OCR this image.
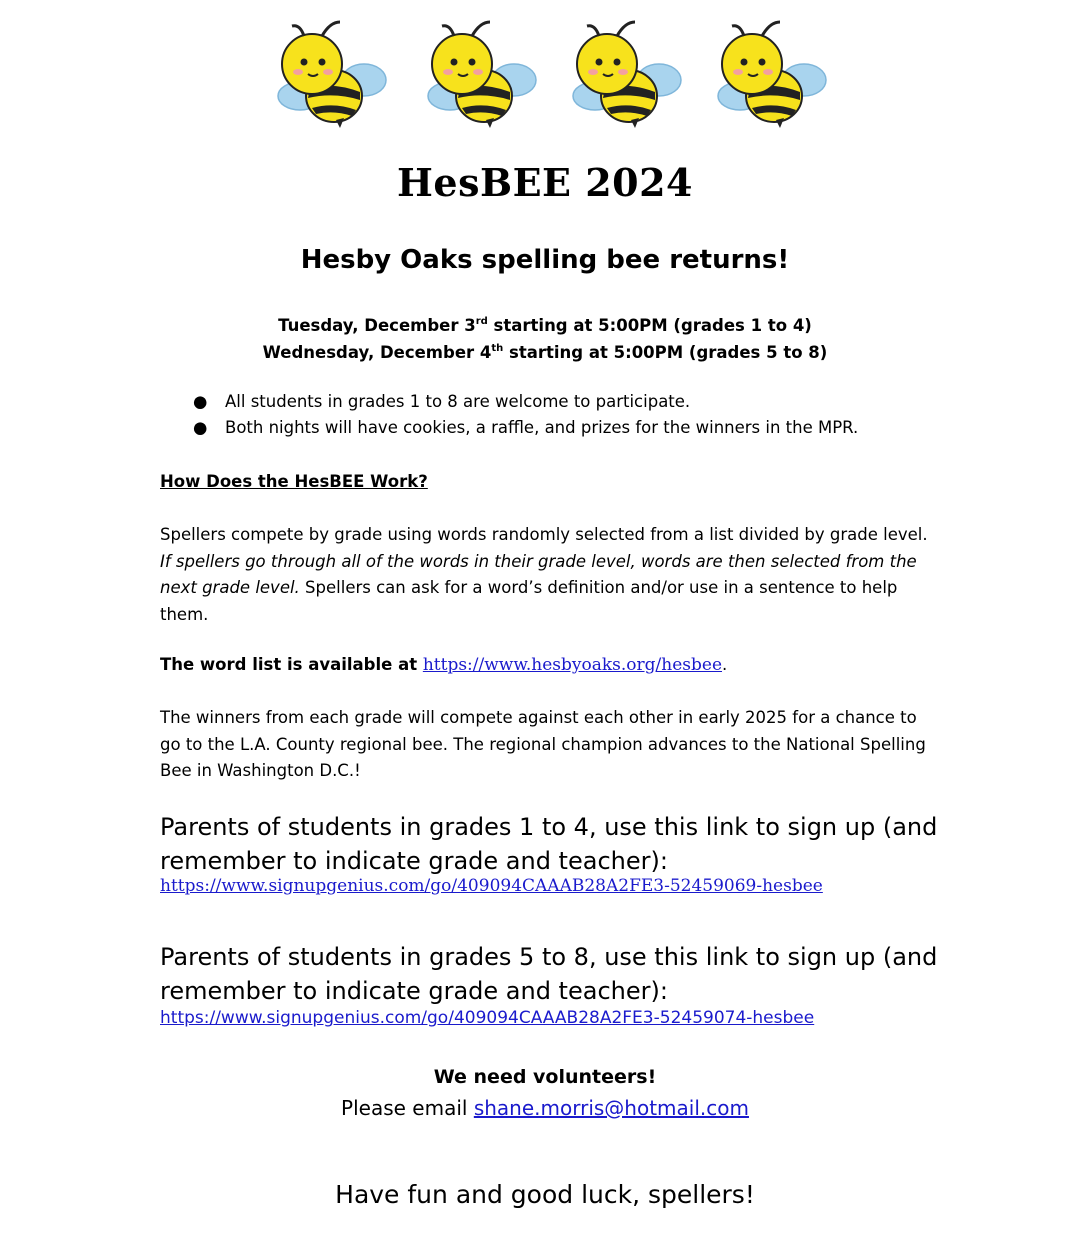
HesBEE 2024
Hesby Oaks spelling bee returns!
Tuesday, December 3rd starting at 5:00PM (grades 1 to 4)
Wednesday, December 4th starting at 5:00PM (grades 5 to 8)
● All students in grades 1 to 8 are welcome to participate.
● Both nights will have cookies, a raffle, and prizes for the winners in the MPR.
How Does the HesBEE Work?
Spellers compete by grade using words randomly selected from a list divided by grade level. If spellers go through all of the words in their grade level, words are then selected from the next grade level. Spellers can ask for a word’s definition and/or use in a sentence to help them.
The word list is available at https://www.hesbyoaks.org/hesbee.
The winners from each grade will compete against each other in early 2025 for a chance to go to the L.A. County regional bee. The regional champion advances to the National Spelling Bee in Washington D.C.!
Parents of students in grades 1 to 4, use this link to sign up (and remember to indicate grade and teacher):
https://www.signupgenius.com/go/409094CAAAB28A2FE3-52459069-hesbee
Parents of students in grades 5 to 8, use this link to sign up (and remember to indicate grade and teacher):
https://www.signupgenius.com/go/409094CAAAB28A2FE3-52459074-hesbee
We need volunteers!
Please email shane.morris@hotmail.com
Have fun and good luck, spellers!
